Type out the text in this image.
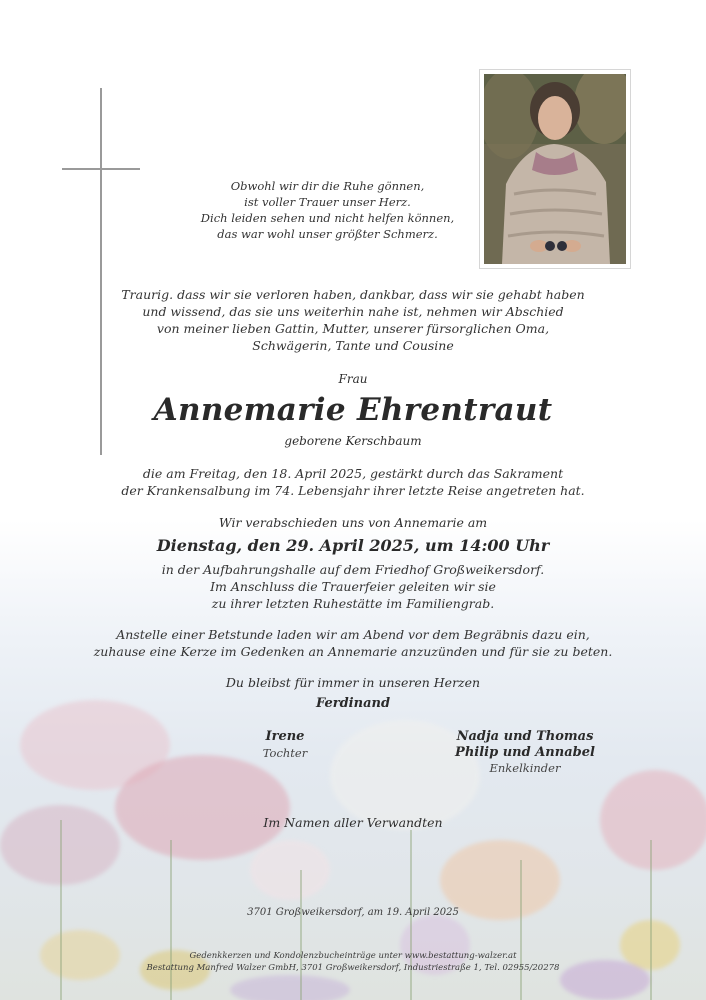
Obwohl wir dir die Ruhe gönnen,
ist voller Trauer unser Herz.
Dich leiden sehen und nicht helfen können,
das war wohl unser größter Schmerz.
Traurig. dass wir sie verloren haben, dankbar, dass wir sie gehabt haben
und wissend, das sie uns weiterhin nahe ist, nehmen wir Abschied
von meiner lieben Gattin, Mutter, unserer fürsorglichen Oma,
Schwägerin, Tante und Cousine
Frau
Annemarie Ehrentraut
geborene Kerschbaum
die am Freitag, den 18. April 2025, gestärkt durch das Sakrament
der Krankensalbung im 74. Lebensjahr ihrer letzte Reise angetreten hat.
Wir verabschieden uns von Annemarie am
Dienstag, den 29. April 2025, um 14:00 Uhr
in der Aufbahrungshalle auf dem Friedhof Großweikersdorf.
Im Anschluss die Trauerfeier geleiten wir sie
zu ihrer letzten Ruhestätte im Familiengrab.
Anstelle einer Betstunde laden wir am Abend vor dem Begräbnis dazu ein,
zuhause eine Kerze im Gedenken an Annemarie anzuzünden und für sie zu beten.
Du bleibst für immer in unseren Herzen
Ferdinand
Irene
Tochter
Nadja und Thomas
Philip und Annabel
Enkelkinder
Im Namen aller Verwandten
3701 Großweikersdorf, am 19. April 2025
Gedenkkerzen und Kondolenzbucheinträge unter www.bestattung-walzer.at
Bestattung Manfred Walzer GmbH, 3701 Großweikersdorf, Industriestraße 1, Tel. 02955/20278
